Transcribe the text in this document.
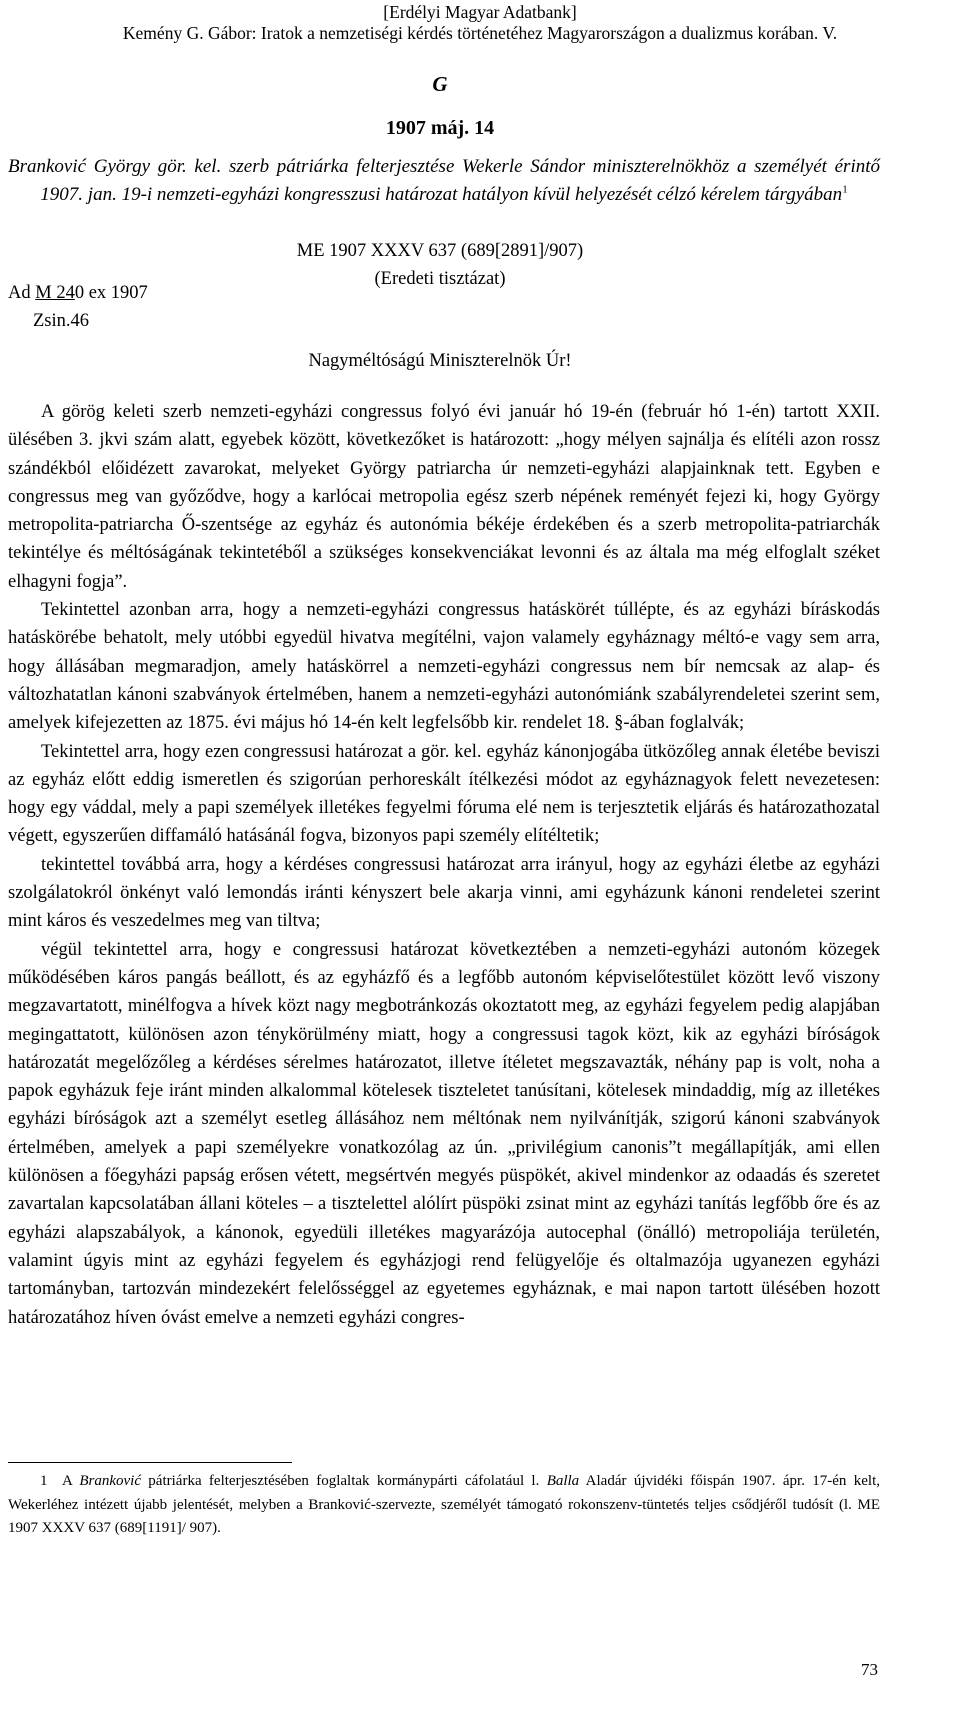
[Erdélyi Magyar Adatbank]
Kemény G. Gábor: Iratok a nemzetiségi kérdés történetéhez Magyarországon a dualizmus korában. V.
G
1907 máj. 14
Branković György gör. kel. szerb pátriárka felterjesztése Wekerle Sándor miniszterelnökhöz a személyét érintő 1907. jan. 19-i nemzeti-egyházi kongresszusi határozat hatályon kívül helyezését célzó kérelem tárgyában$^1$
ME 1907 XXXV 637 (689[2891]/907)
(Eredeti tisztázat)
Ad M 240 ex 1907
Zsin.46
Nagyméltóságú Miniszterelnök Úr!

A görög keleti szerb nemzeti-egyházi congressus folyó évi január hó 19-én (február hó 1-én) tartott XXII. ülésében 3. jkvi szám alatt, egyebek között, következőket is határozott: „hogy mélyen sajnálja és elítéli azon rossz szándékból előidézett zavarokat, melyeket György patriarcha úr nemzeti-egyházi alapjainknak tett. Egyben e congressus meg van győződve, hogy a karlócai metropolia egész szerb népének reményét fejezi ki, hogy György metropolita-patriarcha Ő-szentsége az egyház és autonómia békéje érdekében és a szerb metropolita-patriarchák tekintélye és méltóságának tekintetéből a szükséges konsekvenciákat levonni és az általa ma még elfoglalt széket elhagyni fogja”.

Tekintettel azonban arra, hogy a nemzeti-egyházi congressus hatáskörét túllépte, és az egyházi bíráskodás hatáskörébe behatolt, mely utóbbi egyedül hivatva megítélni, vajon valamely egyháznagy méltó-e vagy sem arra, hogy állásában megmaradjon, amely hatáskörrel a nemzeti-egyházi congressus nem bír nemcsak az alap- és változhatatlan kánoni szabványok értelmében, hanem a nemzeti-egyházi autonómiánk szabályrendeletei szerint sem, amelyek kifejezetten az 1875. évi május hó 14-én kelt legfelsőbb kir. rendelet 18. §-ában foglalvák;

Tekintettel arra, hogy ezen congressusi határozat a gör. kel. egyház kánonjogába ütközőleg annak életébe beviszi az egyház előtt eddig ismeretlen és szigorúan perhoreskált ítélkezési módot az egyháznagyok felett nevezetesen: hogy egy váddal, mely a papi személyek illetékes fegyelmi fóruma elé nem is terjesztetik eljárás és határozathozatal végett, egyszerűen diffamáló hatásánál fogva, bizonyos papi személy elítéltetik;

tekintettel továbbá arra, hogy a kérdéses congressusi határozat arra irányul, hogy az egyházi életbe az egyházi szolgálatokról önkényt való lemondás iránti kényszert bele akarja vinni, ami egyházunk kánoni rendeletei szerint mint káros és veszedelmes meg van tiltva;

végül tekintettel arra, hogy e congressusi határozat következtében a nemzeti-egyházi autonóm közegek működésében káros pangás beállott, és az egyházfő és a legfőbb autonóm képviselőtestület között levő viszony megzavartatott, minélfogva a hívek közt nagy megbotránkozás okoztatott meg, az egyházi fegyelem pedig alapjában megingattatott, különösen azon ténykörülmény miatt, hogy a congressusi tagok közt, kik az egyházi bíróságok határozatát megelőzőleg a kérdéses sérelmes határozatot, illetve ítéletet megszavazták, néhány pap is volt, noha a papok egyházuk feje iránt minden alkalommal kötelesek tiszteletet tanúsítani, kötelesek mindaddig, míg az illetékes egyházi bíróságok azt a személyt esetleg állásához nem méltónak nem nyilvánítják, szigorú kánoni szabványok értelmében, amelyek a papi személyekre vonatkozólag az ún. „privilégium canonis”t megállapítják, ami ellen különösen a főegyházi papság erősen vétett, megsértvén megyés püspökét, akivel mindenkor az odaadás és szeretet zavartalan kapcsolatában állani köteles – a tisztelettel alólírt püspöki zsinat mint az egyházi tanítás legfőbb őre és az egyházi alapszabályok, a kánonok, egyedüli illetékes magyarázója autocephal (önálló) metropoliája területén, valamint úgyis mint az egyházi fegyelem és egyházjogi rend felügyelője és oltalmazója ugyanezen egyházi tartományban, tartozván mindezekért felelősséggel az egyetemes egyháznak, e mai napon tartott ülésében hozott határozatához híven óvást emelve a nemzeti egyházi congres-

1 A Branković pátriárka felterjesztésében foglaltak kormánypárti cáfolatául l. Balla Aladár újvidéki főispán 1907. ápr. 17-én kelt, Wekerléhez intézett újabb jelentését, melyben a Branković-szervezte, személyét támogató rokonszenv-tüntetés teljes csődjéről tudósít (l. ME 1907 XXXV 637 (689[1191]/ 907).
73
